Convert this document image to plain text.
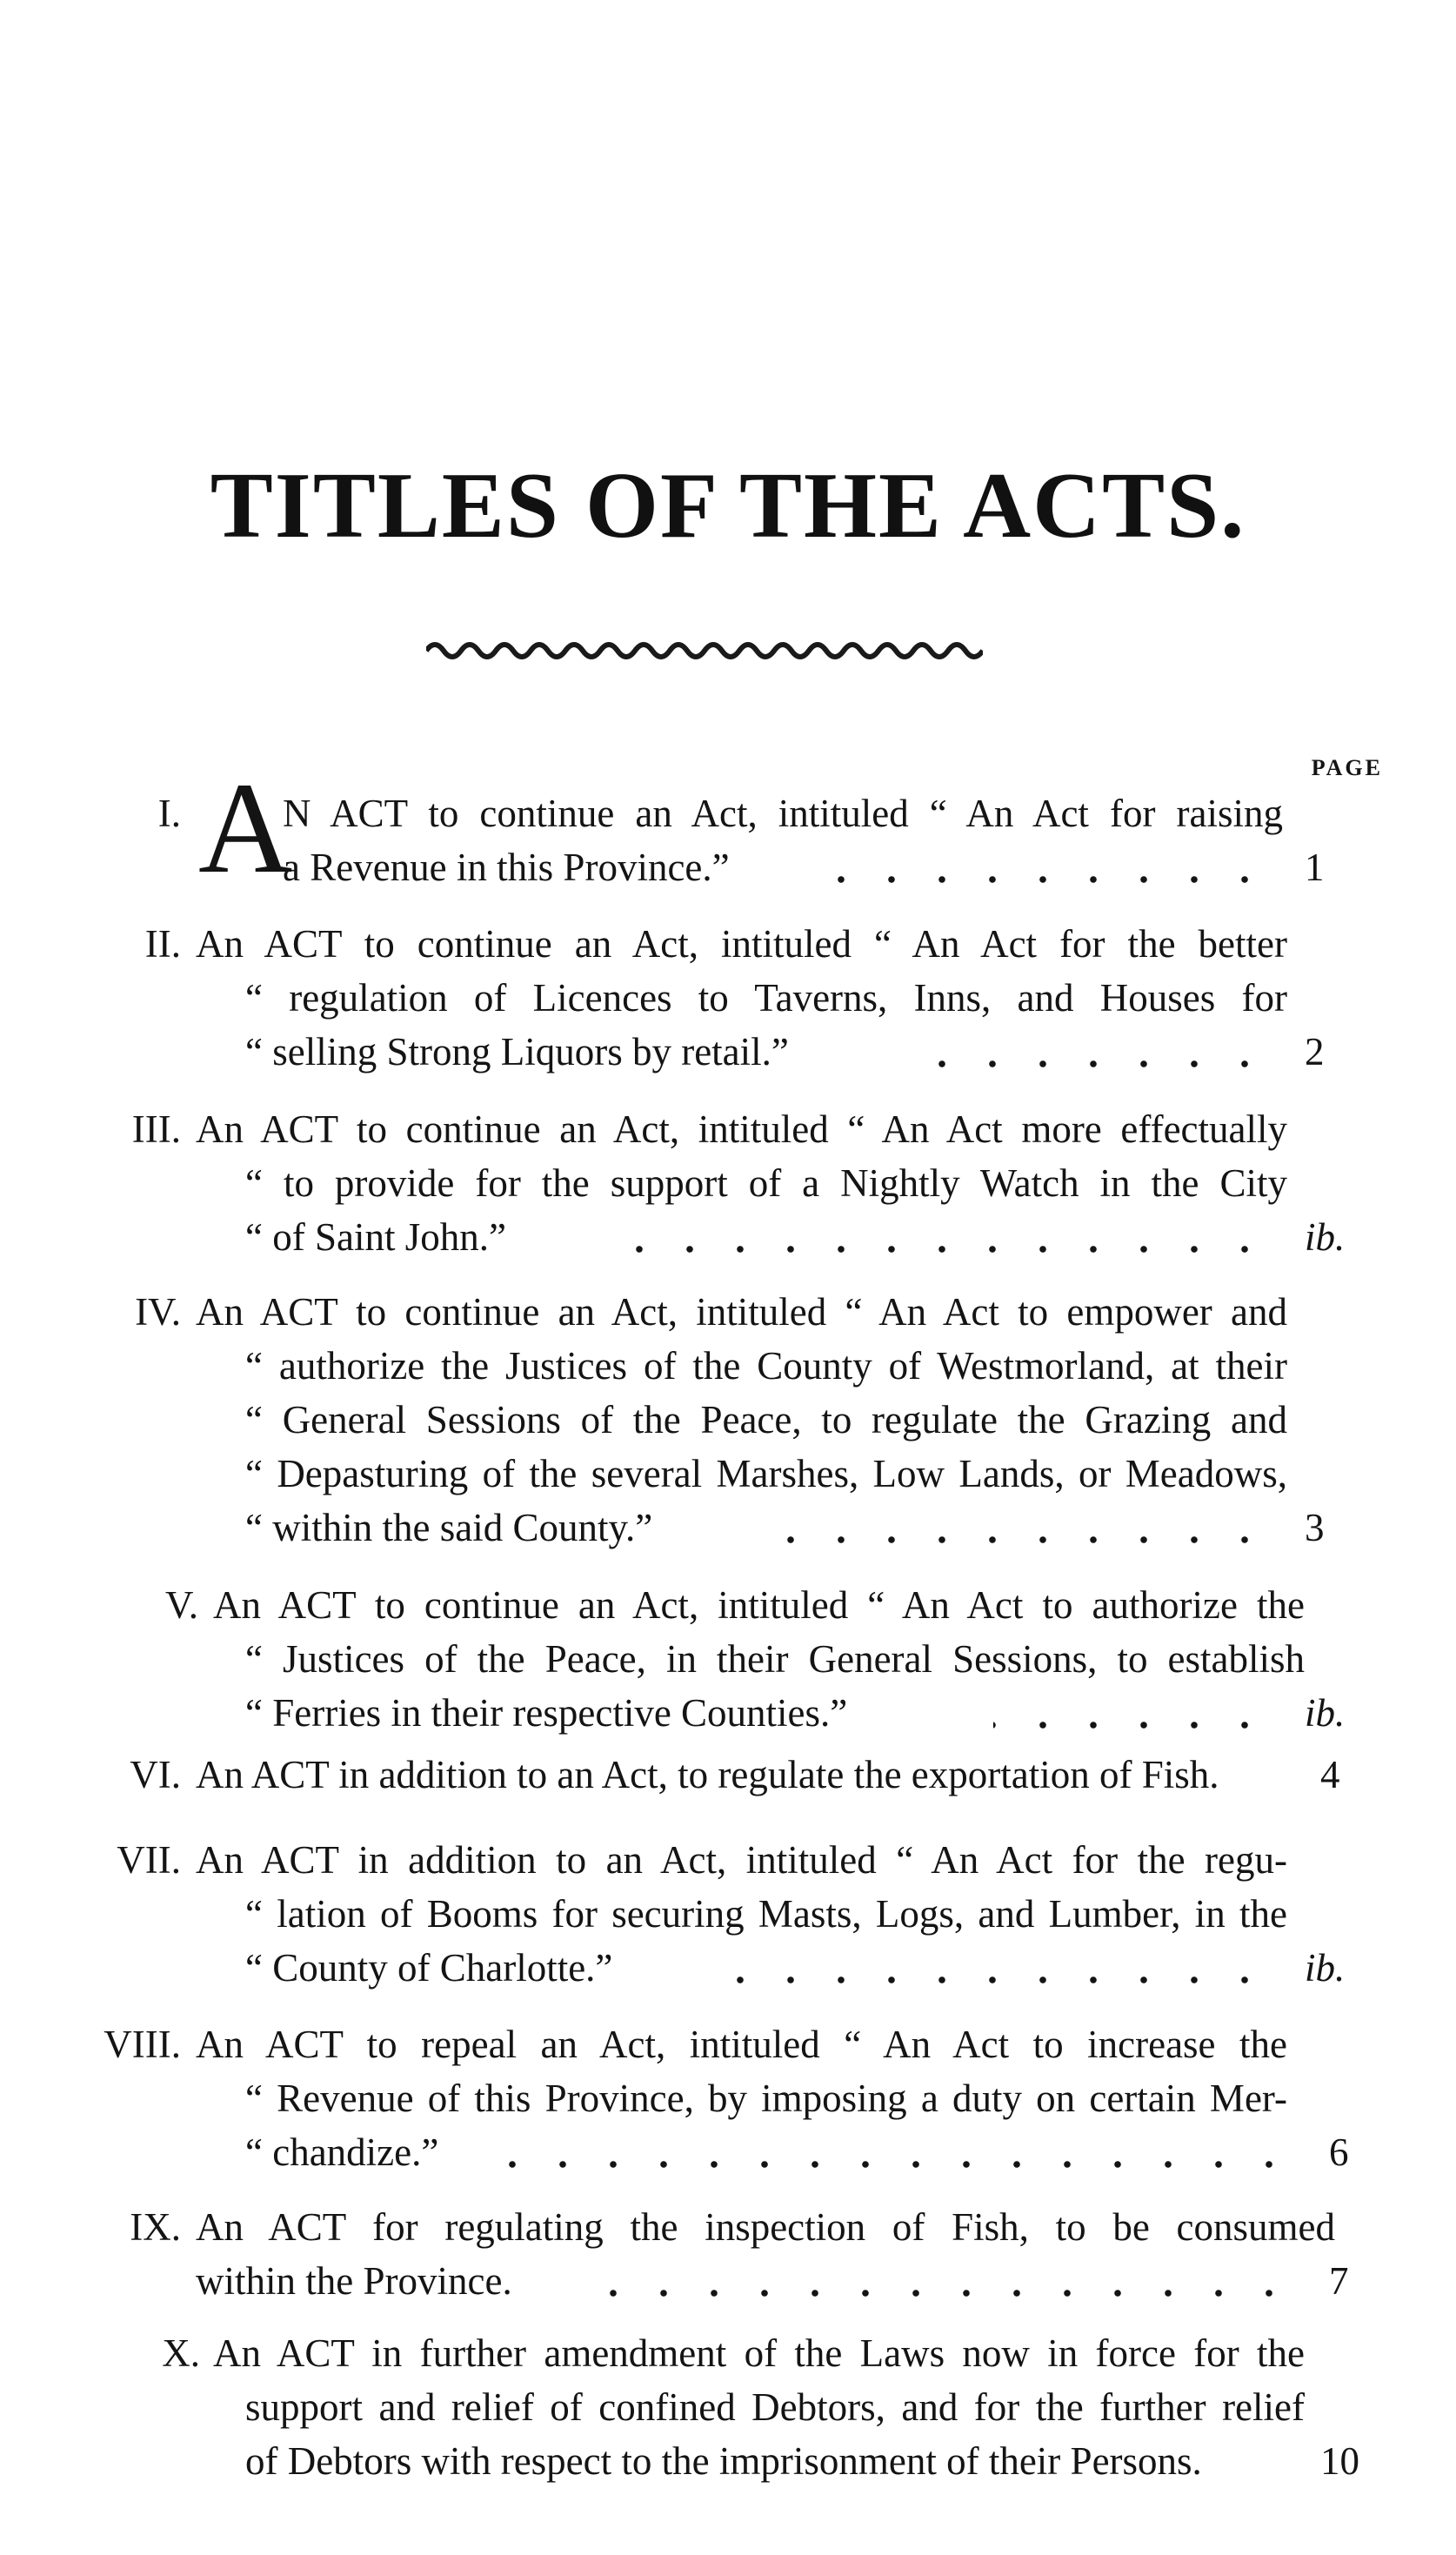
TITLES OF THE ACTS.
PAGE
I. A
N ACT to continue an Act, intituled “ An Act for raising
a Revenue in this Province.”	1
II. An ACT to continue an Act, intituled “ An Act for the better
“ regulation of Licences to Taverns, Inns, and Houses for
“ selling Strong Liquors by retail.”	2
III. An ACT to continue an Act, intituled “ An Act more effectually
“ to provide for the support of a Nightly Watch in the City
“ of Saint John.”	ib.
IV. An ACT to continue an Act, intituled “ An Act to empower and
“ authorize the Justices of the County of Westmorland, at their
“ General Sessions of the Peace, to regulate the Grazing and
“ Depasturing of the several Marshes, Low Lands, or Meadows,
“ within the said County.”	3
V. An ACT to continue an Act, intituled “ An Act to authorize the
“ Justices of the Peace, in their General Sessions, to establish
“ Ferries in their respective Counties.”	ib.
VI. An ACT in addition to an Act, to regulate the exportation of Fish.	4
VII. An ACT in addition to an Act, intituled “ An Act for the regu-
“ lation of Booms for securing Masts, Logs, and Lumber, in the
“ County of Charlotte.”	ib.
VIII. An ACT to repeal an Act, intituled “ An Act to increase the
“ Revenue of this Province, by imposing a duty on certain Mer-
“ chandize.”	6
IX. An ACT for regulating the inspection of Fish, to be consumed
within the Province.	7
X. An ACT in further amendment of the Laws now in force for the
support and relief of confined Debtors, and for the further relief
of Debtors with respect to the imprisonment of their Persons.	10
